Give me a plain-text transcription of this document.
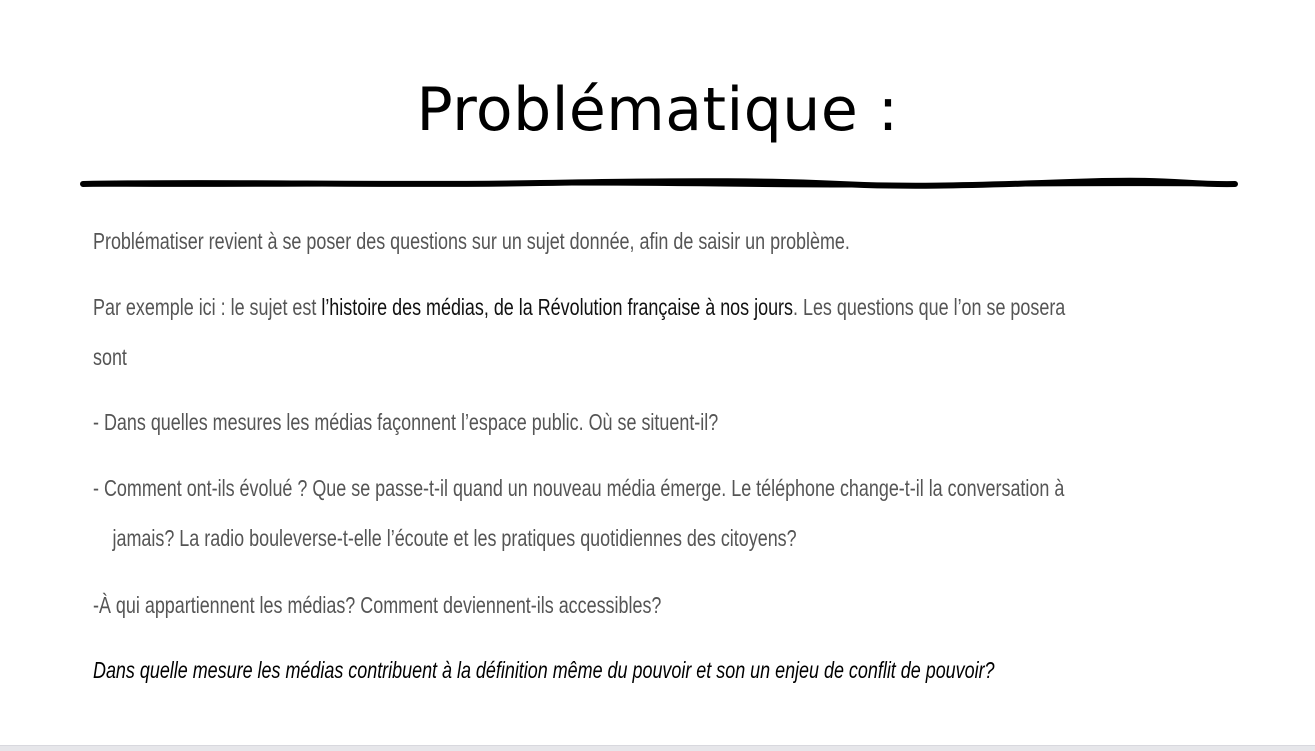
Problématique :

Problématiser revient à se poser des questions sur un sujet donnée, afin de saisir un problème.

Par exemple ici : le sujet est l’histoire des médias, de la Révolution française à nos jours. Les questions que l’on se posera
sont

- Dans quelles mesures les médias façonnent l’espace public. Où se situent-il?

- Comment ont-ils évolué ? Que se passe-t-il quand un nouveau média émerge. Le téléphone change-t-il la conversation à
jamais? La radio bouleverse-t-elle l’écoute et les pratiques quotidiennes des citoyens?

-À qui appartiennent les médias? Comment deviennent-ils accessibles?

Dans quelle mesure les médias contribuent à la définition même du pouvoir et son un enjeu de conflit de pouvoir?
